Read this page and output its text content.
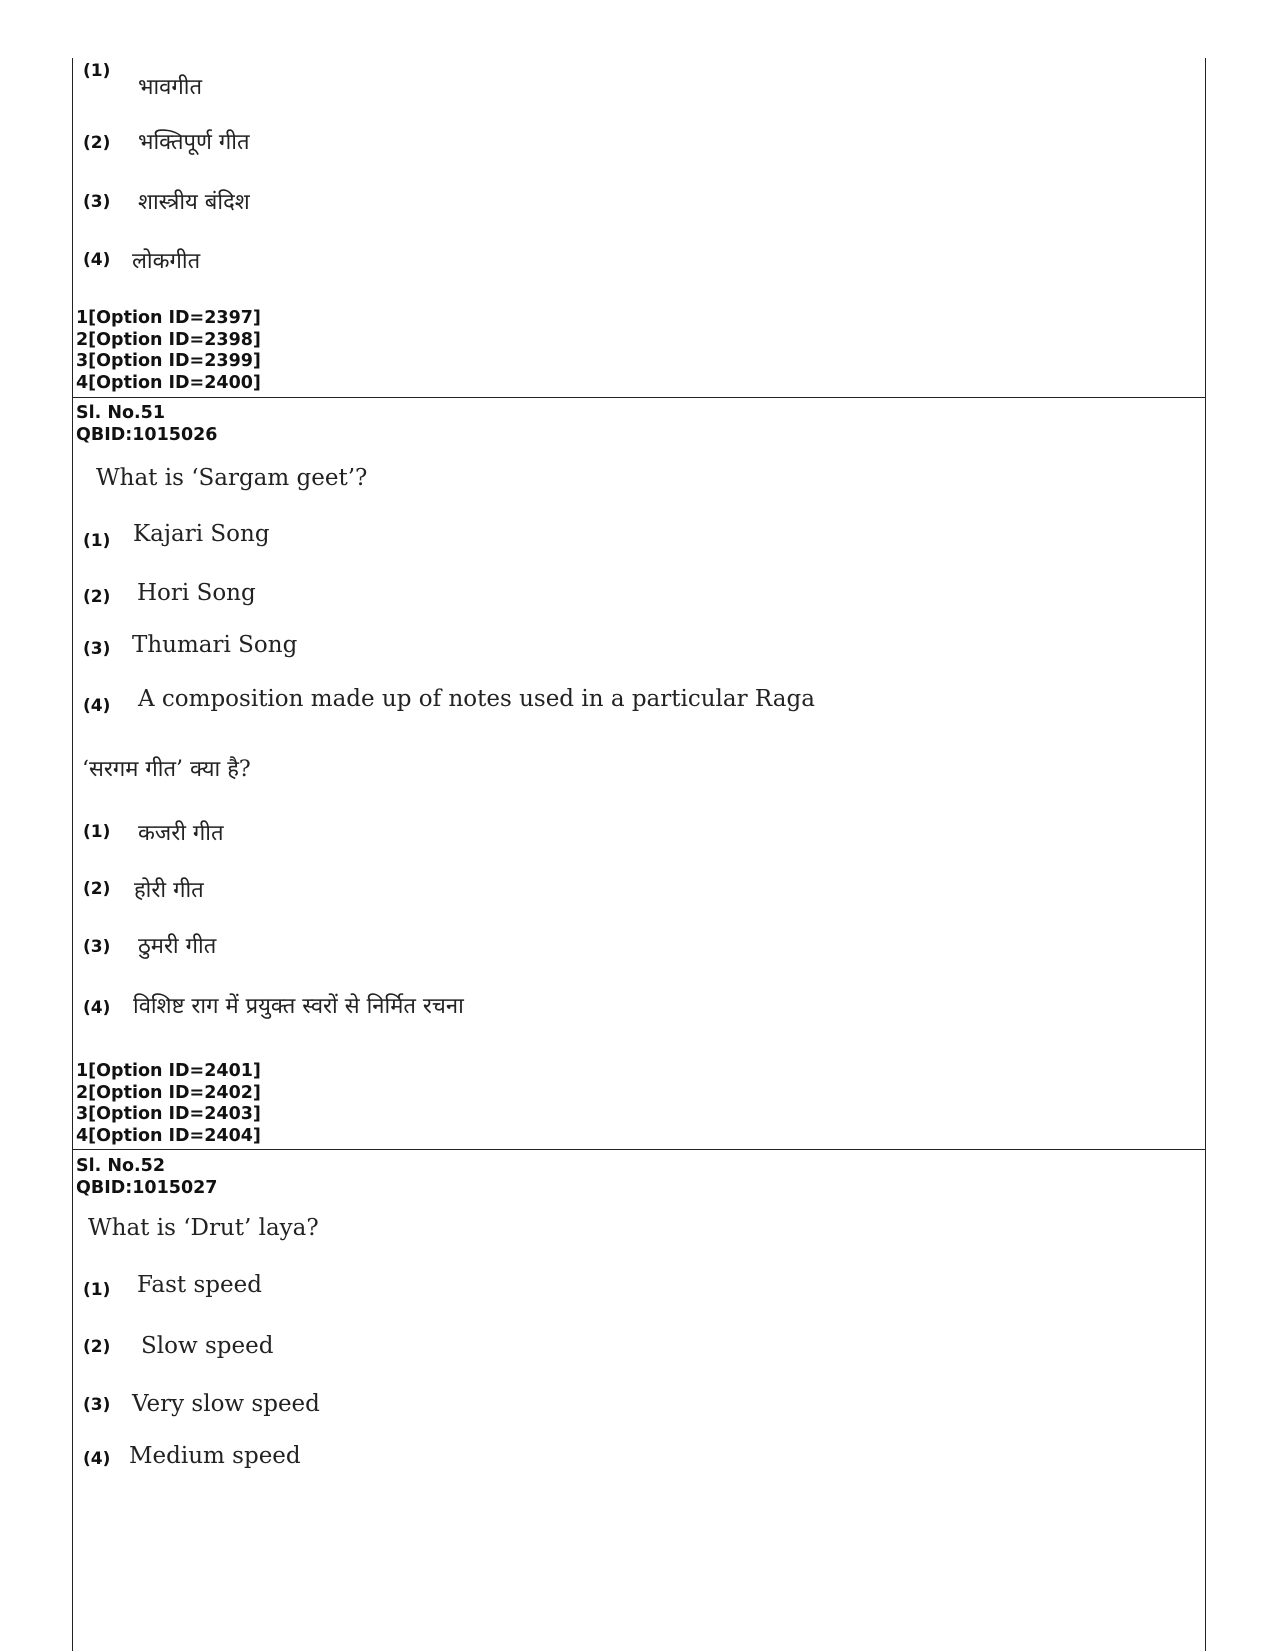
(1)
भावगीत
(2) भक्तिपूर्ण गीत
(3) शास्त्रीय बंदिश
(4) लोकगीत
1[Option ID=2397]
2[Option ID=2398]
3[Option ID=2399]
4[Option ID=2400]
Sl. No.51
QBID:1015026
What is ‘Sargam geet’?
(1) Kajari Song
(2) Hori Song
(3) Thumari Song
(4) A composition made up of notes used in a particular Raga
‘सरगम गीत’ क्या है?
(1) कजरी गीत
(2) होरी गीत
(3) ठुमरी गीत
(4) विशिष्ट राग में प्रयुक्त स्वरों से निर्मित रचना
1[Option ID=2401]
2[Option ID=2402]
3[Option ID=2403]
4[Option ID=2404]
Sl. No.52
QBID:1015027
What is ‘Drut’ laya?
(1) Fast speed
(2) Slow speed
(3) Very slow speed
(4) Medium speed
